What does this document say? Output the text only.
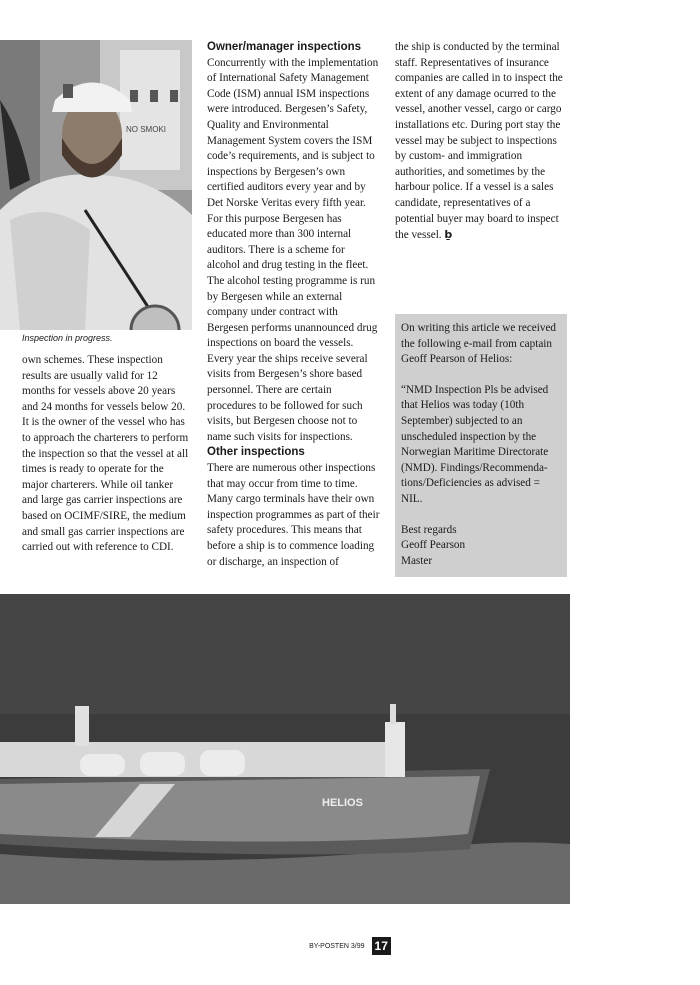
NO SMOKI
Inspection in progress.

own schemes. These inspection results are usually valid for 12 months for vessels above 20 years and 24 months for vessels below 20. It is the owner of the vessel who has to approach the charterers to perform the inspection so that the vessel at all times is ready to operate for the major charterers. While oil tanker and large gas carrier inspections are based on OCIMF/SIRE, the medium and small gas carrier inspections are carried out with reference to CDI.

Owner/manager inspections

Concurrently with the implementation of International Safety Management Code (ISM) annual ISM inspections were introduced. Bergesen’s Safety, Quality and Environmental Management System covers the ISM code’s requirements, and is subject to inspections by Bergesen’s own certified auditors every year and by Det Norske Veritas every fifth year. For this purpose Bergesen has educated more than 300 internal auditors. There is a scheme for alcohol and drug testing in the fleet. The alcohol testing programme is run by Bergesen while an external company under contract with Bergesen performs unannounced drug inspections on board the vessels. Every year the ships receive several visits from Bergesen’s shore based personnel. There are certain procedures to be followed for such visits, but Bergesen choose not to name such visits for inspections.

Other inspections

There are numerous other inspections that may occur from time to time. Many cargo terminals have their own inspection programmes as part of their safety procedures. This means that before a ship is to commence loading or discharge, an inspection of

the ship is conducted by the terminal staff. Representatives of insurance companies are called in to inspect the extent of any damage ocurred to the vessel, another vessel, cargo or cargo installations etc. During port stay the vessel may be subject to inspections by custom- and immigration authorities, and sometimes by the harbour police. If a vessel is a sales candidate, representatives of a potential buyer may board to inspect the vessel. ḇ

On writing this article we received the following e-mail from captain Geoff Pearson of Helios:

“NMD Inspection Pls be advised that Helios was today (10th September) subjected to an unscheduled inspection by the Norwegian Maritime Directorate (NMD). Findings/Recommenda-tions/Deficiencies as advised = NIL.

Best regards

Geoff Pearson

Master

HELIOS
BY-POSTEN 3/99 17
